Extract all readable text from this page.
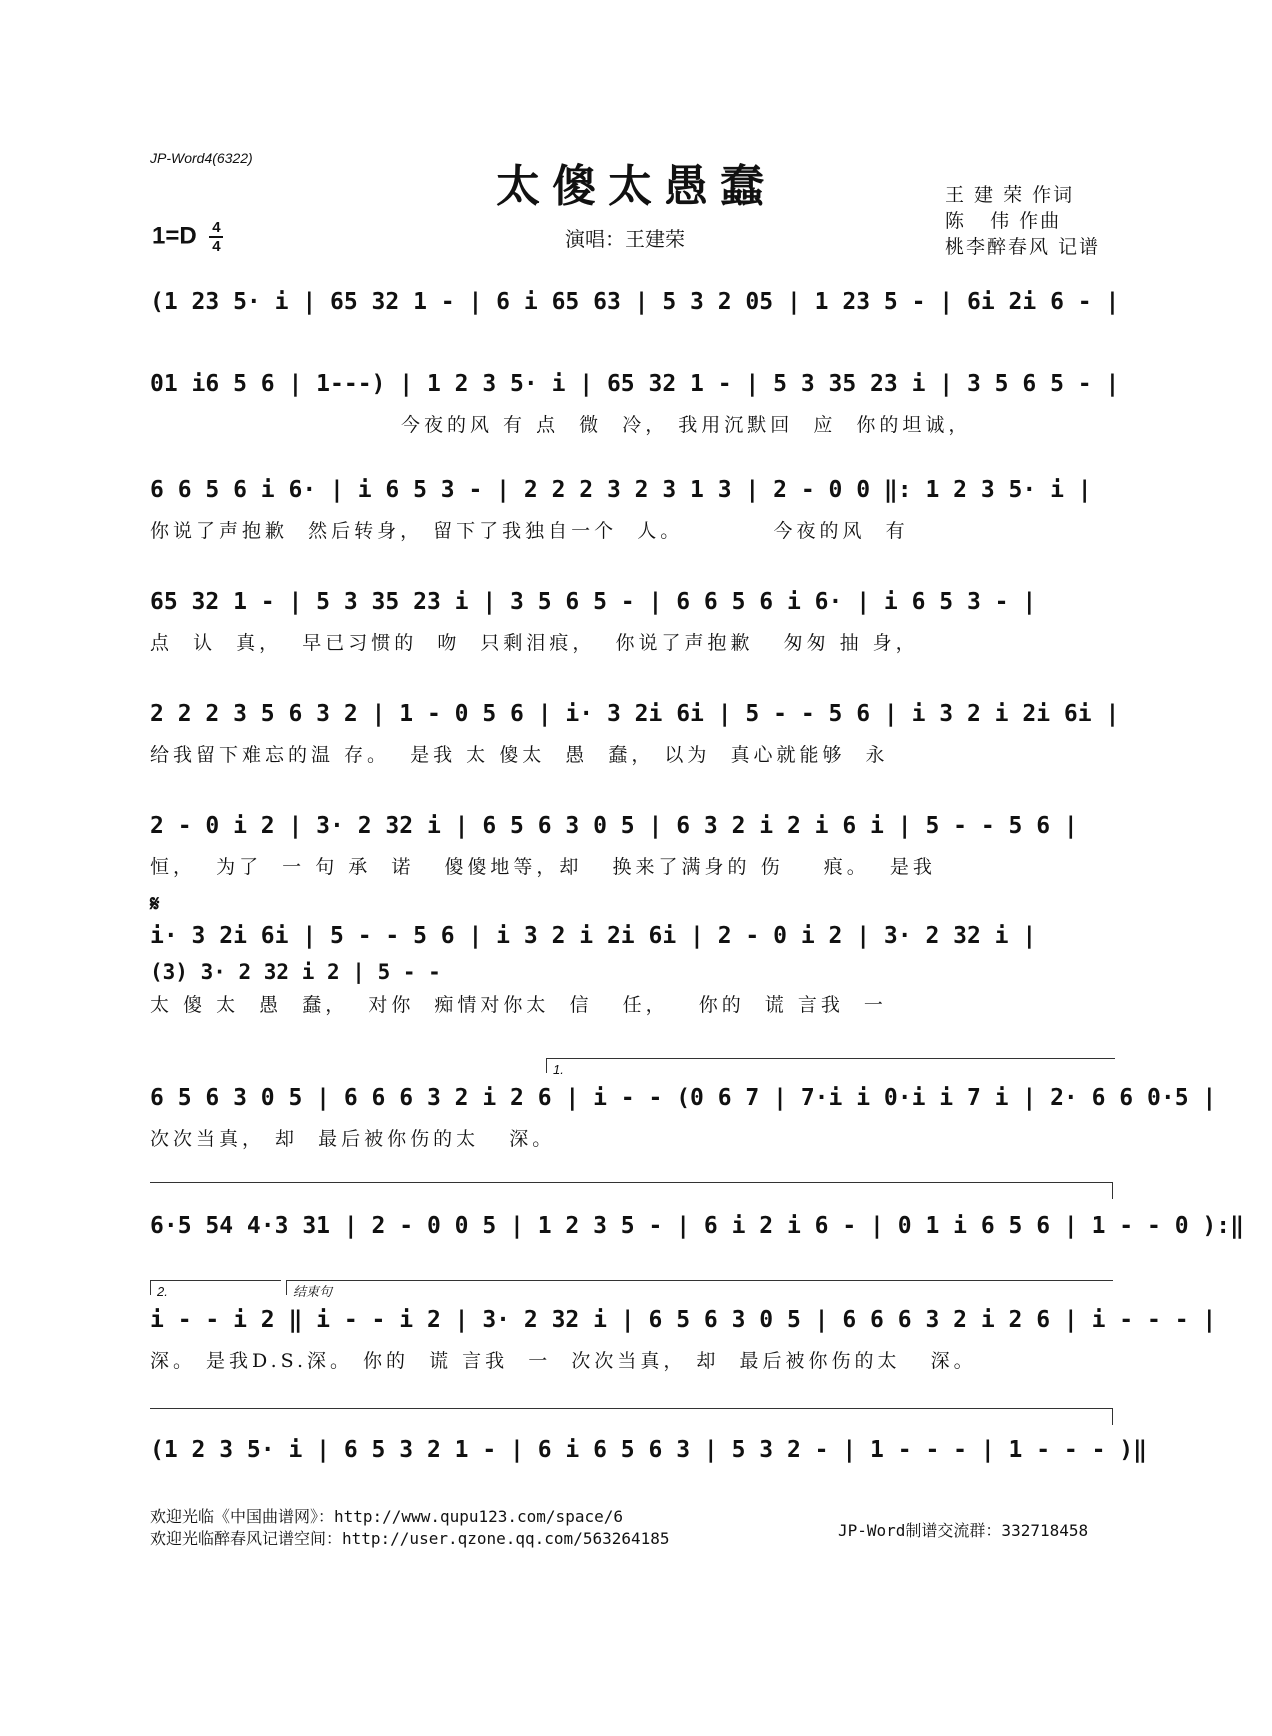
JP-Word4(6322)
太傻太愚蠢
$1=D \frac{4}{4}$	演唱：王建荣
王 建 荣 作词
陈   伟 作曲
桃李醉春风 记谱
(1 23 5· i | 65 32 1 - | 6 i 65 63 | 5 3 2 05 | 1 23 5 - | 6i 2i 6 - |
01 i6 5 6 | 1---) | 1 2 3 5· i | 65 32 1 - | 5 3 35 23 i | 3 5 6 5 - |
今夜的风 有 点  微  冷， 我用沉默回  应  你的坦诚，
6 6 5 6 i 6· | i 6 5 3 - | 2 2 2 3 2 3 1 3 | 2 - 0 0 ‖: 1 2 3 5· i |
你说了声抱歉  然后转身， 留下了我独自一个  人。         今夜的风  有
65 32 1 - | 5 3 35 23 i | 3 5 6 5 - | 6 6 5 6 i 6· | i 6 5 3 - |
点  认  真，  早已习惯的  吻  只剩泪痕，  你说了声抱歉   匆匆 抽 身，
2 2 2 3 5 6 3 2 | 1 - 0 5 6 | i· 3 2i 6i | 5 - - 5 6 | i 3 2 i 2i 6i |
给我留下难忘的温 存。  是我 太 傻太  愚  蠢， 以为  真心就能够  永
2 - 0 i 2 | 3· 2 32 i | 6 5 6 3 0 5 | 6 3 2 i 2 i 6 i | 5 - - 5 6 |
恒，  为了  一 句 承  诺   傻傻地等，却   换来了满身的 伤    痕。  是我
𝄋
i· 3 2i 6i | 5 - - 5 6 | i 3 2 i 2i 6i | 2 - 0 i 2 | 3· 2 32 i |
(3) 3· 2 32 i 2 | 5 - -
太 傻 太  愚  蠢，  对你  痴情对你太  信   任，   你的  谎 言我  一
1.
6 5 6 3 0 5 | 6 6 6 3 2 i 2 6 | i - - (0 6 7 | 7·i i 0·i i 7 i | 2· 6 6 0·5 |
次次当真， 却  最后被你伤的太   深。
6·5 54 4·3 31 | 2 - 0 0 5 | 1 2 3 5 - | 6 i 2 i 6 - | 0 1 i 6 5 6 | 1 - - 0 ):‖
2.	结束句
i - - i 2 ‖ i - - i 2 | 3· 2 32 i | 6 5 6 3 0 5 | 6 6 6 3 2 i 2 6 | i - - - |
深。 是我D.S.深。 你的  谎 言我  一  次次当真， 却  最后被你伤的太   深。
(1 2 3 5· i | 6 5 3 2 1 - | 6 i 6 5 6 3 | 5 3 2 - | 1 - - - | 1 - - - )‖
欢迎光临《中国曲谱网》：http://www.qupu123.com/space/6
欢迎光临醉春风记谱空间：http://user.qzone.qq.com/563264185	JP-Word制谱交流群：332718458
